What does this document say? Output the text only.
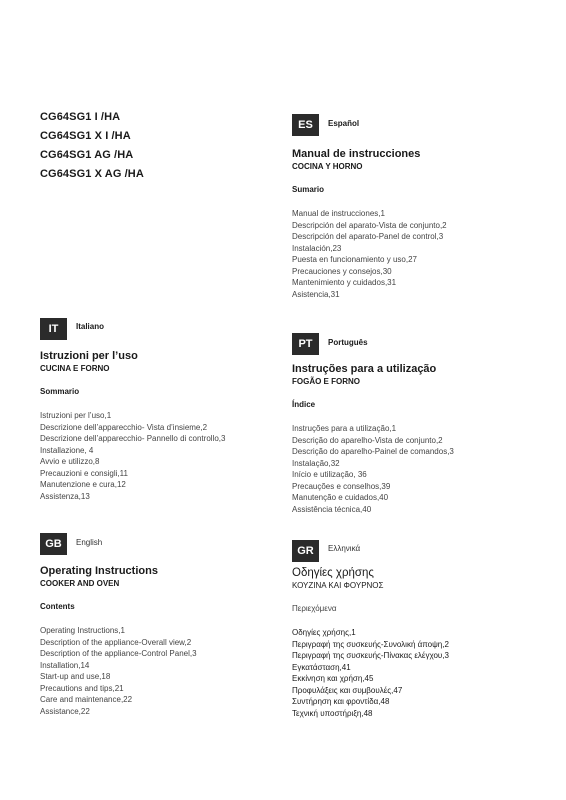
CG64SG1 I /HA
CG64SG1 X I /HA
CG64SG1 AG /HA
CG64SG1 X AG /HA
ES	Español
Manual de instrucciones
COCINA Y HORNO
Sumario
Manual de instrucciones,1
Descripción del aparato-Vista de conjunto,2
Descripción del aparato-Panel de control,3
Instalación,23
Puesta en funcionamiento y uso,27
Precauciones y consejos,30
Mantenimiento y cuidados,31
Asistencia,31
IT	Italiano
Istruzioni per l’uso
CUCINA E FORNO
Sommario
Istruzioni per l’uso,1
Descrizione dell’apparecchio- Vista d’insieme,2
Descrizione dell’apparecchio- Pannello di controllo,3
Installazione, 4
Avvio e utilizzo,8
Precauzioni e consigli,11
Manutenzione e cura,12
Assistenza,13
PT	Português
Instruções para a utilização
FOGÃO E FORNO
Índice
Instruções para a utilização,1
Descrição do aparelho-Vista de conjunto,2
Descrição do aparelho-Painel de comandos,3
Instalação,32
Início e utilização, 36
Precauções e conselhos,39
Manutenção e cuidados,40
Assistência técnica,40
GB	English
Operating Instructions
COOKER AND OVEN
Contents
Operating Instructions,1
Description of the appliance-Overall view,2
Description of the appliance-Control Panel,3
Installation,14
Start-up and use,18
Precautions and tips,21
Care and maintenance,22
Assistance,22
GR	Ελληνικά
Οδηγίες χρήσης
ΚΟΥΖΙΝΑ ΚΑΙ ΦΟΥΡΝΟΣ
Περιεχόμενα
Οδηγίες χρήσης,1
Περιγραφή της συσκευής-Συνολική άποψη,2
Περιγραφή της συσκευής-Πίνακας ελέγχου,3
Εγκατάσταση,41
Εκκίνηση και χρήση,45
Προφυλάξεις και συμβουλές,47
Συντήρηση και φροντίδα,48
Τεχνική υποστήριξη,48
